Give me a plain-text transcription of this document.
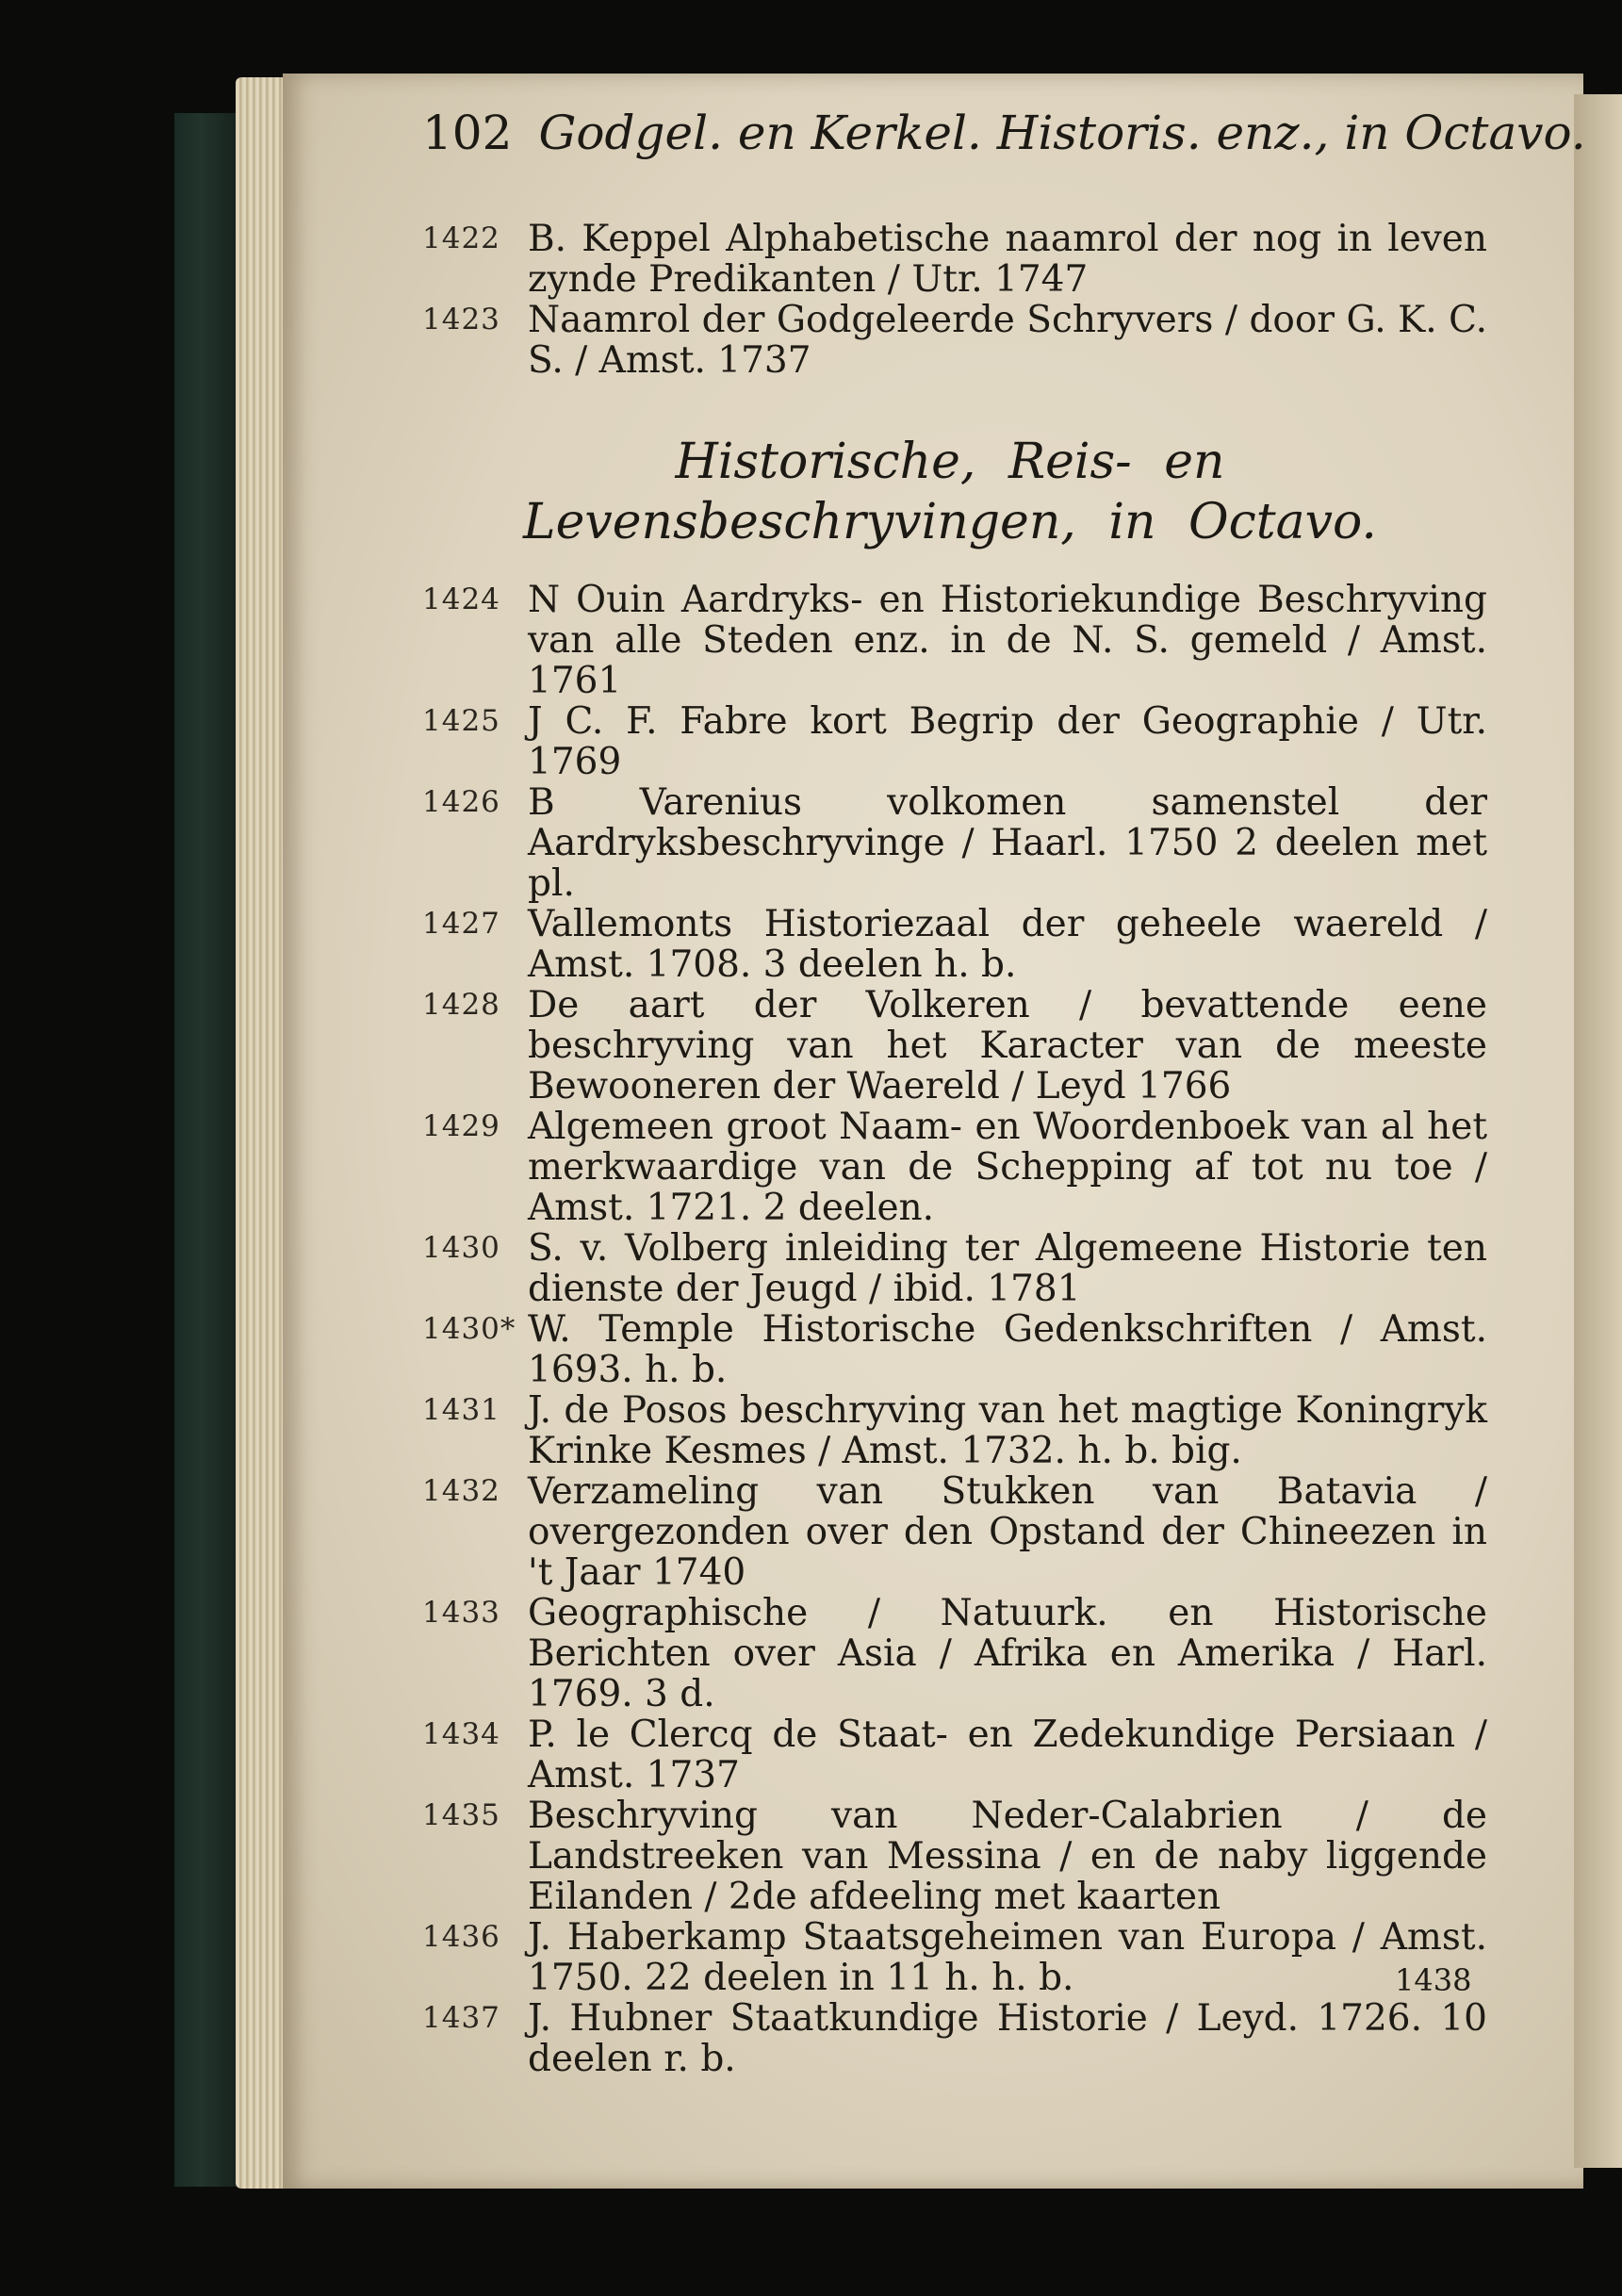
102 Godgel. en Kerkel. Historis. enz., in Octavo.
1422 B. Keppel Alphabetische naamrol der nog in leven zynde Predikanten / Utr. 1747
1423 Naamrol der Godgeleerde Schryvers / door G. K. C. S. / Amst. 1737
Historische, Reis- en Levensbeschryvingen, in Octavo.
1424 N Ouin Aardryks- en Historiekundige Beschryving van alle Steden enz. in de N. S. gemeld / Amst. 1761
1425 J C. F. Fabre kort Begrip der Geographie / Utr. 1769
1426 B Varenius volkomen samenstel der Aardryksbeschryvinge / Haarl. 1750 2 deelen met pl.
1427 Vallemonts Historiezaal der geheele waereld / Amst. 1708. 3 deelen h. b.
1428 De aart der Volkeren / bevattende eene beschryving van het Karacter van de meeste Bewooneren der Waereld / Leyd 1766
1429 Algemeen groot Naam- en Woordenboek van al het merkwaardige van de Schepping af tot nu toe / Amst. 1721. 2 deelen.
1430 S. v. Volberg inleiding ter Algemeene Historie ten dienste der Jeugd / ibid. 1781
1430* W. Temple Historische Gedenkschriften / Amst. 1693. h. b.
1431 J. de Posos beschryving van het magtige Koningryk Krinke Kesmes / Amst. 1732. h. b. big.
1432 Verzameling van Stukken van Batavia / overgezonden over den Opstand der Chineezen in 't Jaar 1740
1433 Geographische / Natuurk. en Historische Berichten over Asia / Afrika en Amerika / Harl. 1769. 3 d.
1434 P. le Clercq de Staat- en Zedekundige Persiaan / Amst. 1737
1435 Beschryving van Neder-Calabrien / de Landstreeken van Messina / en de naby liggende Eilanden / 2de afdeeling met kaarten
1436 J. Haberkamp Staatsgeheimen van Europa / Amst. 1750. 22 deelen in 11 h. h. b.
1437 J. Hubner Staatkundige Historie / Leyd. 1726. 10 deelen r. b.
1438
